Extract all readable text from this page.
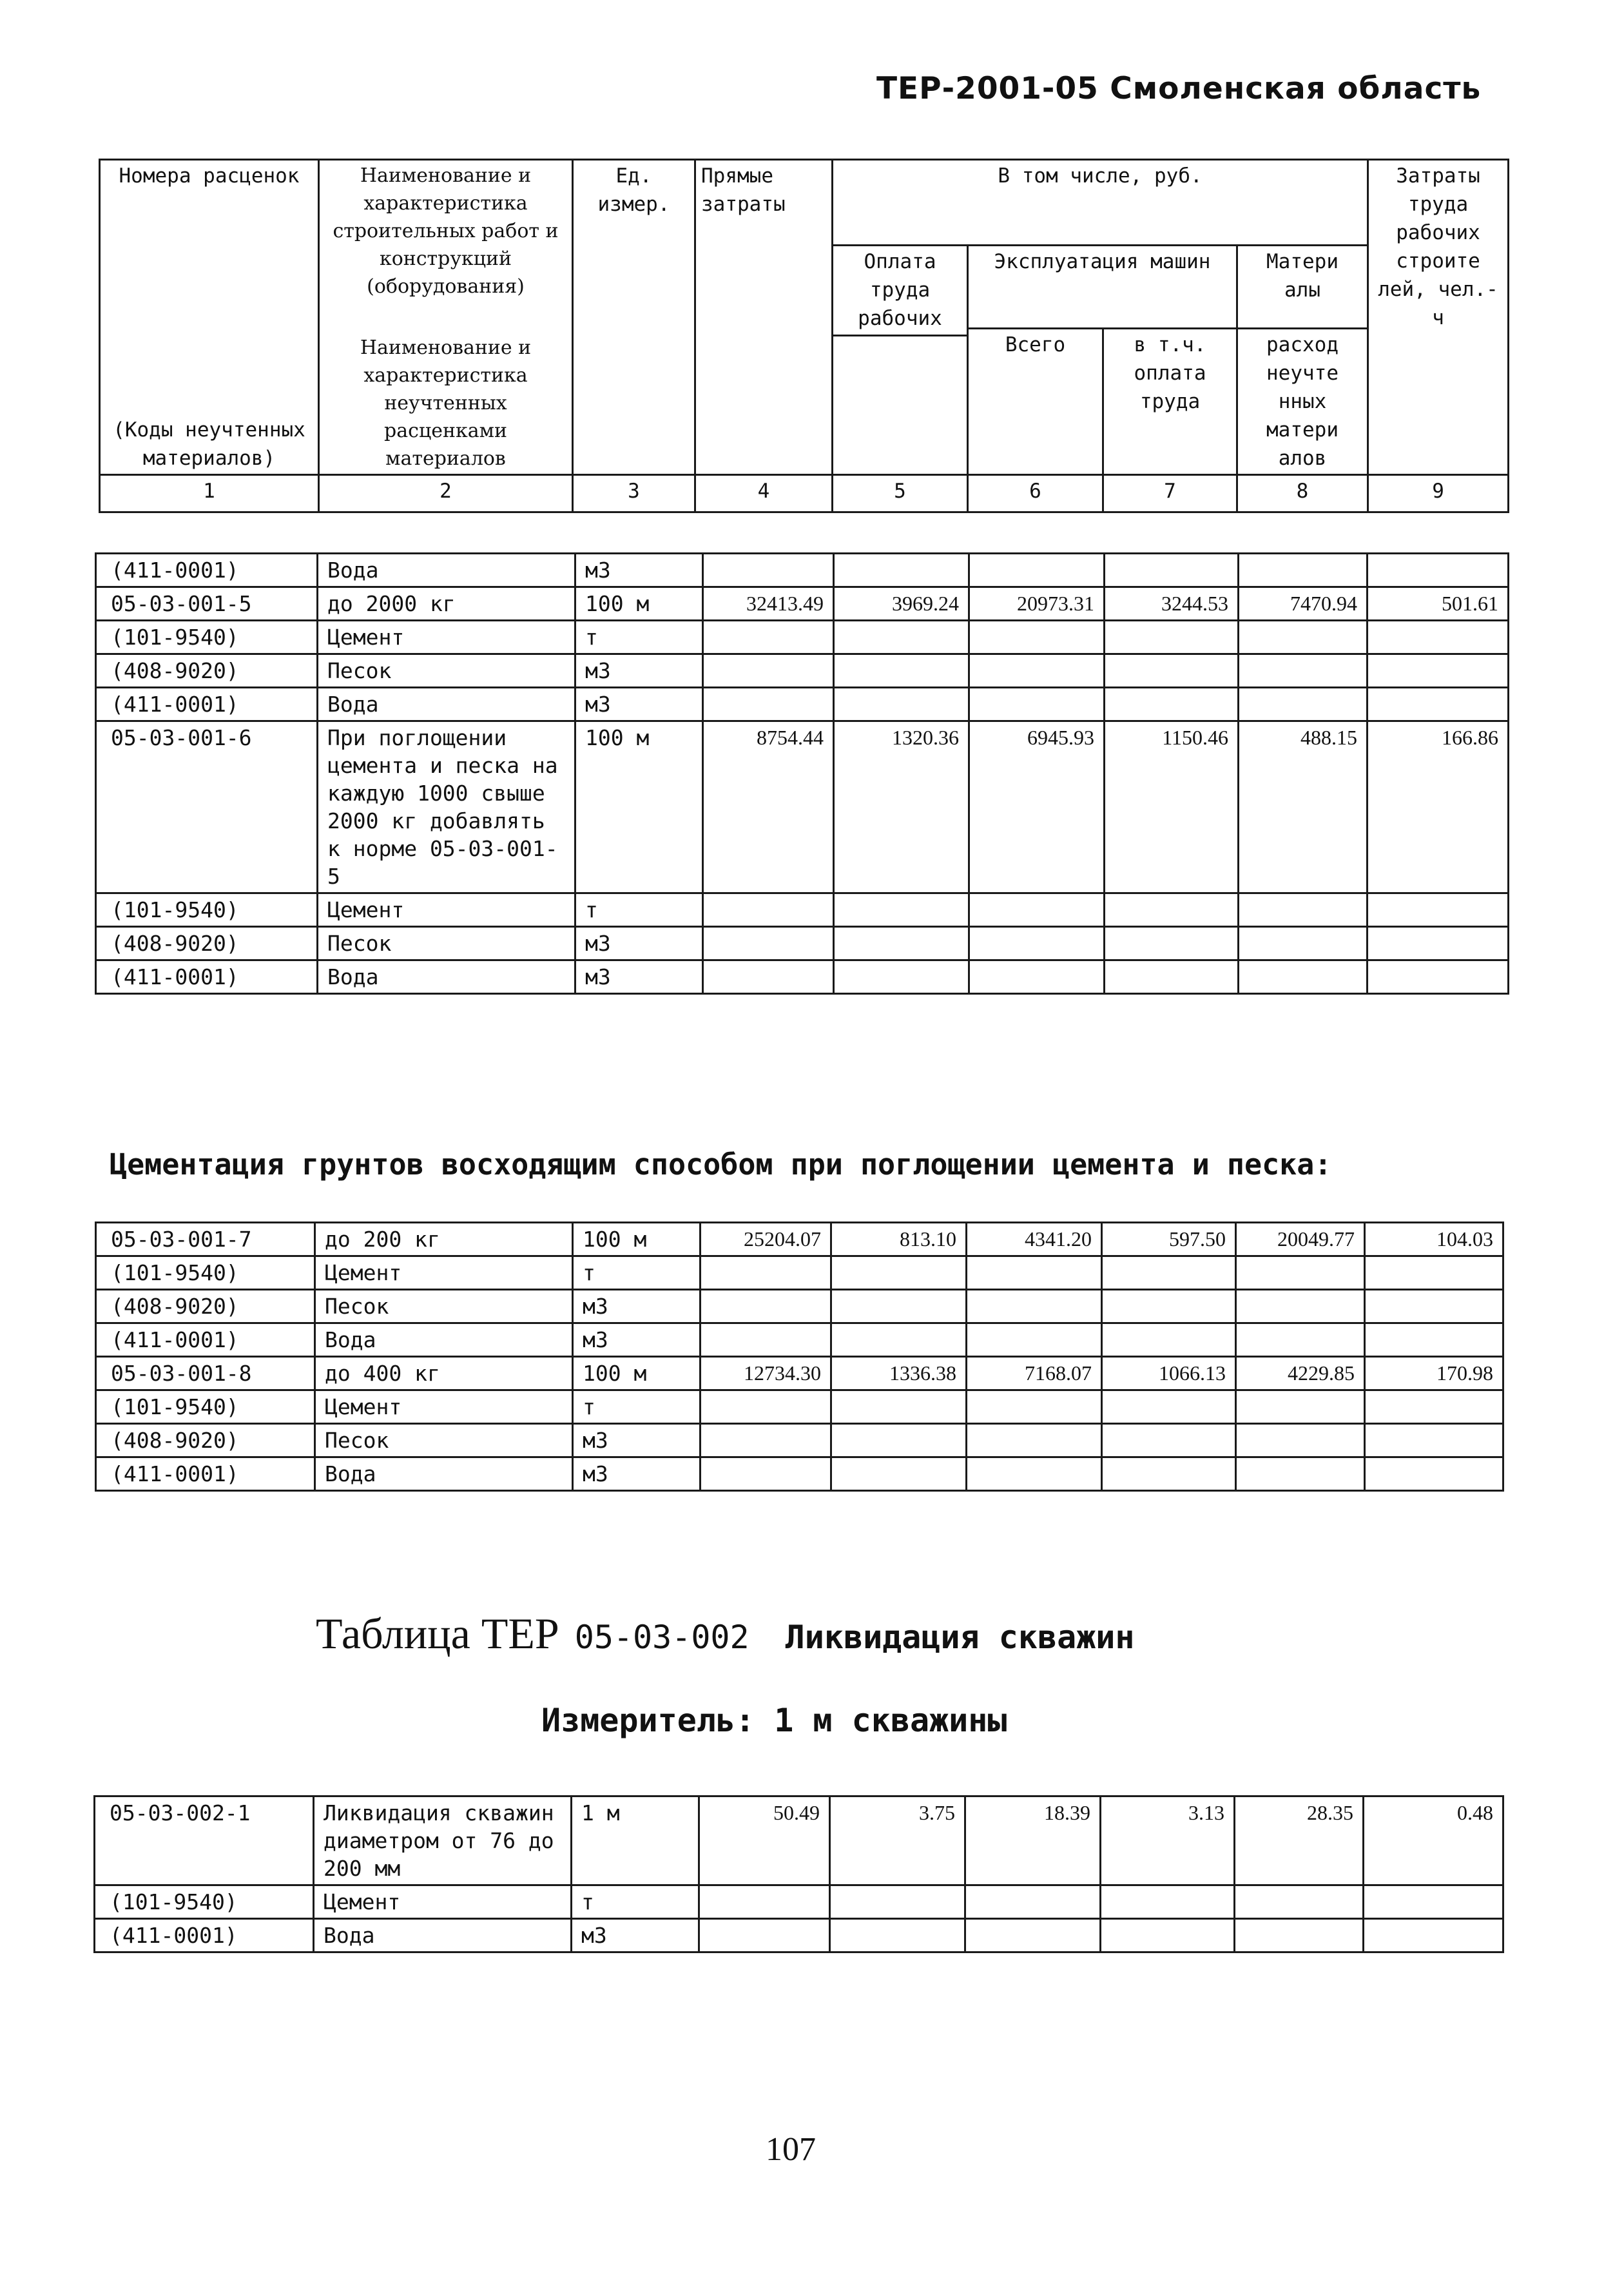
ТЕР-2001-05 Смоленская область
Номера расценок	Наименование и характеристика строительных работ и конструкций (оборудования)	Ед. измер.	Прямые затраты	В том числе, руб.				Затраты труда рабочих строите лей, чел.-ч
				Оплата труда рабочих	Эксплуатация машин		Матери алы	
(Коды неучтенных материалов)	Наименование и характеристика неучтенных расценками материалов				Всего	в т.ч. оплата труда	расход неучте нных матери алов	

1	2	3	4	5	6	7	8	9
(411-0001)	Вода	м3						
05-03-001-5	до 2000 кг	100 м	32413.49	3969.24	20973.31	3244.53	7470.94	501.61
(101-9540)	Цемент	т						
(408-9020)	Песок	м3						
(411-0001)	Вода	м3						
05-03-001-6	При поглощении цемента и песка на каждую 1000 свыше 2000 кг добавлять к норме 05-03-001-5	100 м	8754.44	1320.36	6945.93	1150.46	488.15	166.86
(101-9540)	Цемент	т						
(408-9020)	Песок	м3						
(411-0001)	Вода	м3						
Цементация грунтов восходящим способом при поглощении цемента и песка:
05-03-001-7	до 200 кг	100 м	25204.07	813.10	4341.20	597.50	20049.77	104.03
(101-9540)	Цемент	т						
(408-9020)	Песок	м3						
(411-0001)	Вода	м3						
05-03-001-8	до 400 кг	100 м	12734.30	1336.38	7168.07	1066.13	4229.85	170.98
(101-9540)	Цемент	т						
(408-9020)	Песок	м3						
(411-0001)	Вода	м3						
Таблица ТЕР 05-03-002 Ликвидация скважин
Измеритель: 1 м скважины
05-03-002-1	Ликвидация скважин диаметром от 76 до 200 мм	1 м	50.49	3.75	18.39	3.13	28.35	0.48
(101-9540)	Цемент	т						
(411-0001)	Вода	м3						
107
